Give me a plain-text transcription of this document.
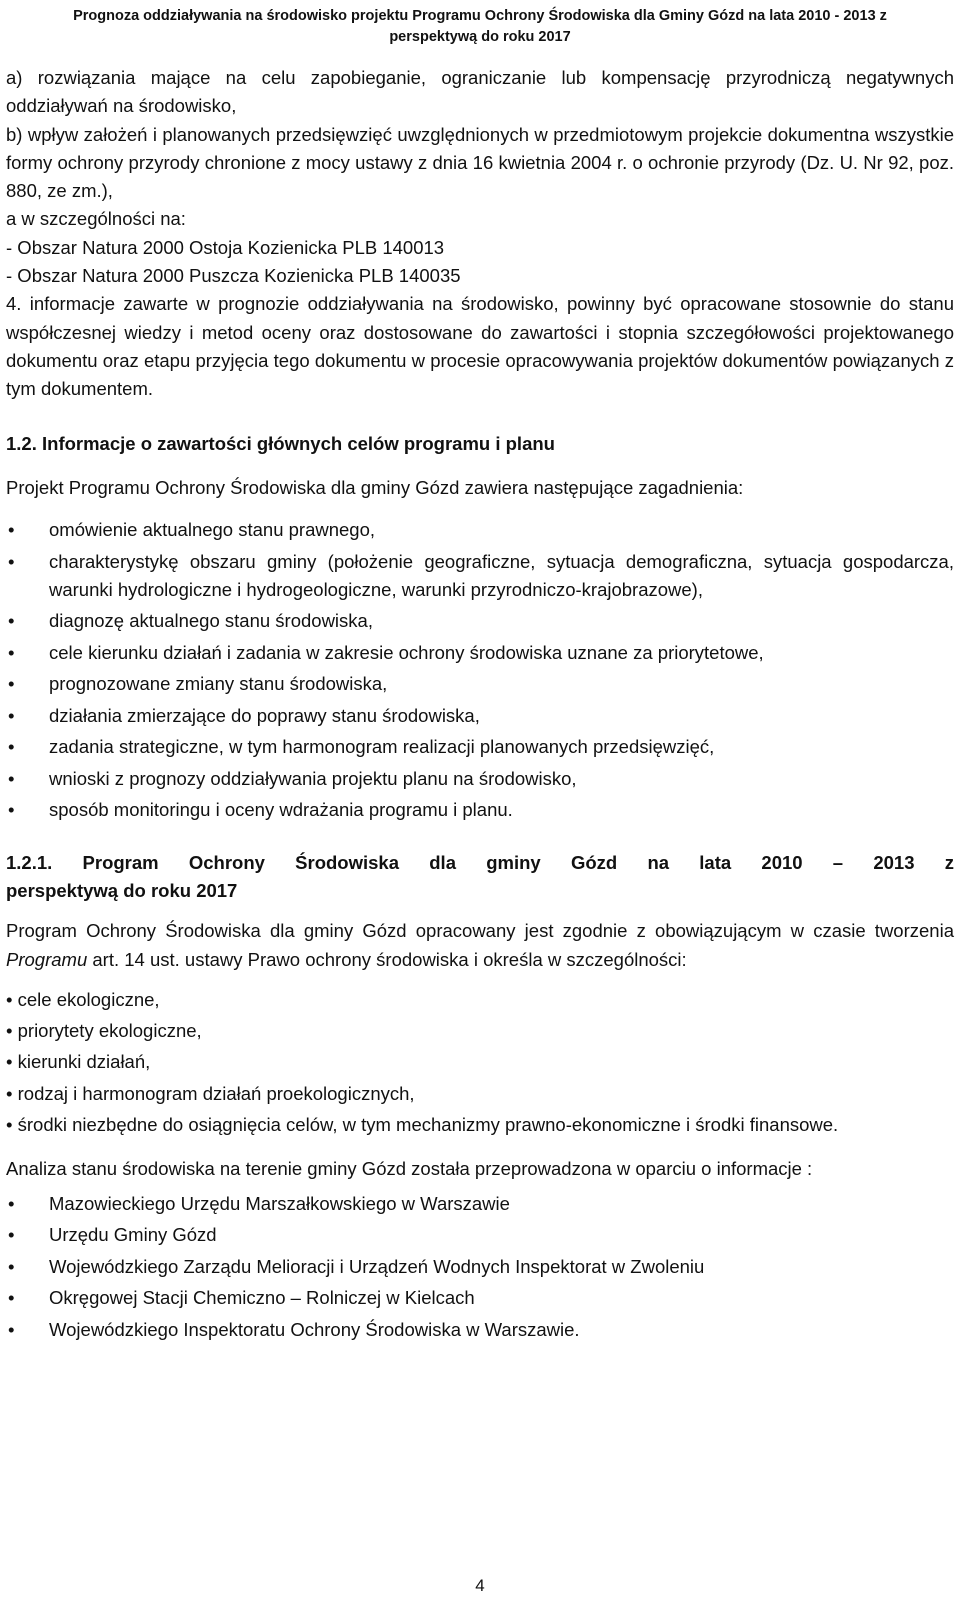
Prognoza oddziaływania na środowisko projektu Programu Ochrony Środowiska dla Gminy Gózd na lata 2010 - 2013 z
perspektywą do roku 2017

a) rozwiązania mające na celu zapobieganie, ograniczanie lub kompensację przyrodniczą negatywnych oddziaływań na środowisko,

b) wpływ założeń i planowanych przedsięwzięć uwzględnionych w przedmiotowym projekcie dokumentna wszystkie formy ochrony przyrody chronione z mocy ustawy z dnia 16 kwietnia 2004 r. o ochronie przyrody (Dz. U. Nr 92, poz. 880, ze zm.),

a w szczególności na:

- Obszar Natura 2000 Ostoja Kozienicka PLB 140013

- Obszar Natura 2000 Puszcza Kozienicka PLB 140035

4. informacje zawarte w prognozie oddziaływania na środowisko, powinny być opracowane stosownie do stanu współczesnej wiedzy i metod oceny oraz dostosowane do zawartości i stopnia szczegółowości projektowanego dokumentu oraz etapu przyjęcia tego dokumentu w procesie opracowywania projektów dokumentów powiązanych z tym dokumentem.

1.2. Informacje o zawartości głównych celów programu i planu

Projekt Programu Ochrony Środowiska dla gminy Gózd zawiera następujące zagadnienia:

• omówienie aktualnego stanu prawnego,
• charakterystykę obszaru gminy (położenie geograficzne, sytuacja demograficzna, sytuacja gospodarcza, warunki hydrologiczne i hydrogeologiczne, warunki przyrodniczo-krajobrazowe),
• diagnozę aktualnego stanu środowiska,
• cele kierunku działań i zadania w zakresie ochrony środowiska uznane za priorytetowe,
• prognozowane zmiany stanu środowiska,
• działania zmierzające do poprawy stanu środowiska,
• zadania strategiczne, w tym harmonogram realizacji planowanych przedsięwzięć,
• wnioski z prognozy oddziaływania projektu planu na środowisko,
• sposób monitoringu i oceny wdrażania programu i planu.

1.2.1. Program Ochrony Środowiska dla gminy Gózd na lata 2010 – 2013 z

perspektywą do roku 2017

Program Ochrony Środowiska dla gminy Gózd opracowany jest zgodnie z obowiązującym w czasie tworzenia Programu art. 14 ust. ustawy Prawo ochrony środowiska i określa w szczególności:

• cele ekologiczne,
• priorytety ekologiczne,
• kierunki działań,
• rodzaj i harmonogram działań proekologicznych,
• środki niezbędne do osiągnięcia celów, w tym mechanizmy prawno-ekonomiczne i środki finansowe.

Analiza stanu środowiska na terenie gminy Gózd została przeprowadzona w oparciu o informacje :

• Mazowieckiego Urzędu Marszałkowskiego w Warszawie
• Urzędu Gminy Gózd
• Wojewódzkiego Zarządu Melioracji i Urządzeń Wodnych Inspektorat w Zwoleniu
• Okręgowej Stacji Chemiczno – Rolniczej w Kielcach
• Wojewódzkiego Inspektoratu Ochrony Środowiska w Warszawie.
4
